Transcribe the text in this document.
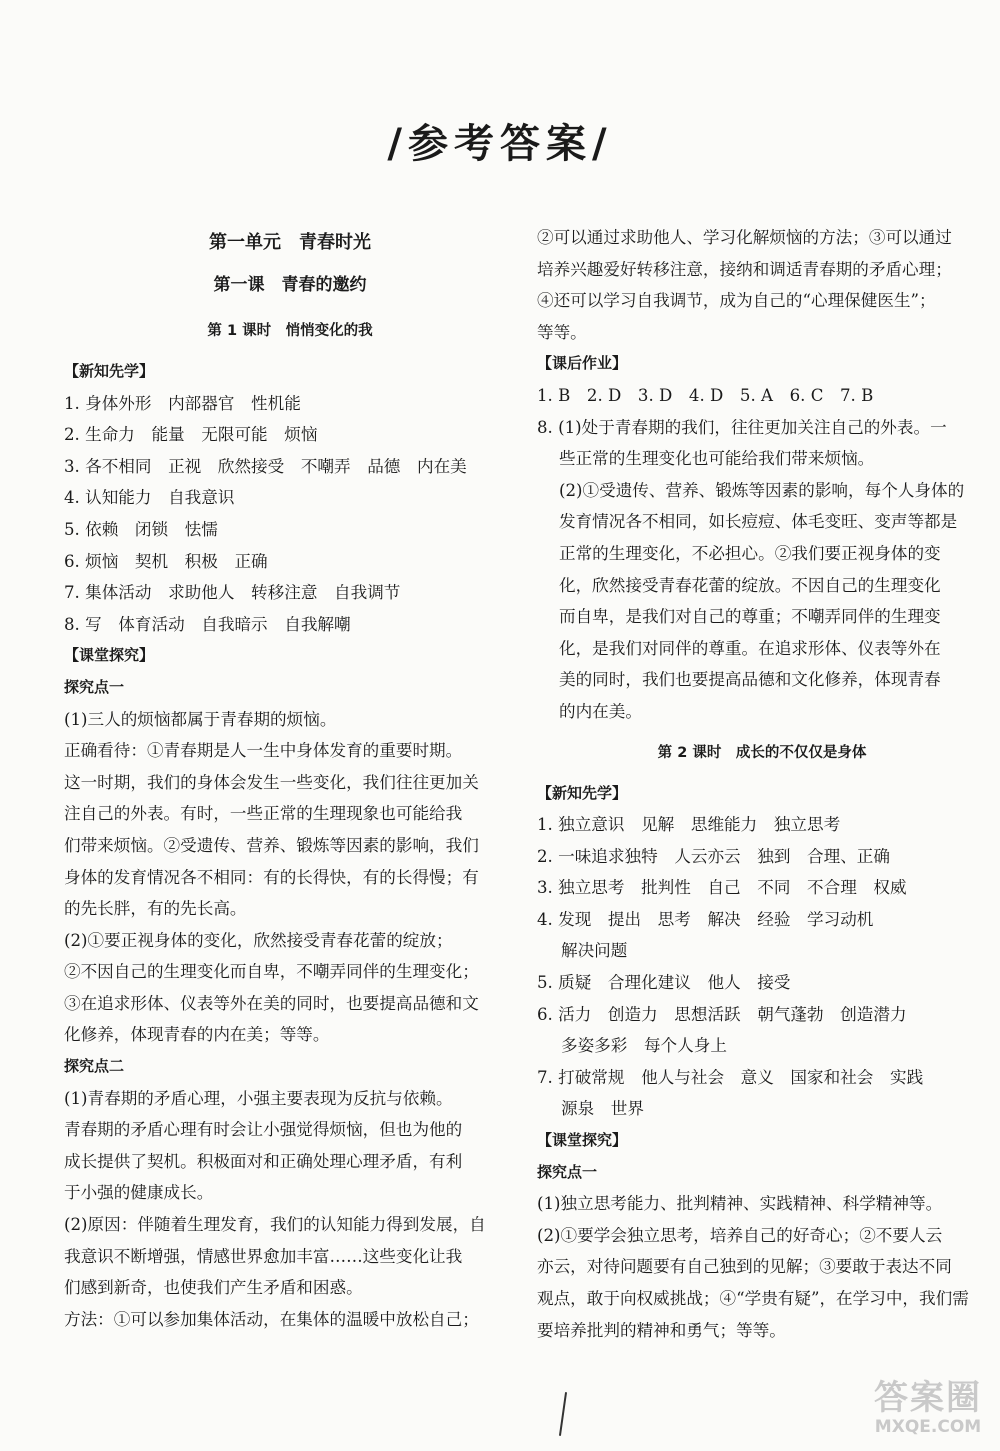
/参考答案/
第一单元　青春时光
第一课　青春的邀约
第 1 课时　悄悄变化的我
【新知先学】
1. 身体外形　内部器官　性机能
2. 生命力　能量　无限可能　烦恼
3. 各不相同　正视　欣然接受　不嘲弄　品德　内在美
4. 认知能力　自我意识
5. 依赖　闭锁　怯懦
6. 烦恼　契机　积极　正确
7. 集体活动　求助他人　转移注意　自我调节
8. 写　体育活动　自我暗示　自我解嘲
【课堂探究】
探究点一
(1)三人的烦恼都属于青春期的烦恼。
正确看待：①青春期是人一生中身体发育的重要时期。
这一时期，我们的身体会发生一些变化，我们往往更加关
注自己的外表。有时，一些正常的生理现象也可能给我
们带来烦恼。②受遗传、营养、锻炼等因素的影响，我们
身体的发育情况各不相同：有的长得快，有的长得慢；有
的先长胖，有的先长高。
(2)①要正视身体的变化，欣然接受青春花蕾的绽放；
②不因自己的生理变化而自卑，不嘲弄同伴的生理变化；
③在追求形体、仪表等外在美的同时，也要提高品德和文
化修养，体现青春的内在美；等等。
探究点二
(1)青春期的矛盾心理，小强主要表现为反抗与依赖。
青春期的矛盾心理有时会让小强觉得烦恼，但也为他的
成长提供了契机。积极面对和正确处理心理矛盾，有利
于小强的健康成长。
(2)原因：伴随着生理发育，我们的认知能力得到发展，自
我意识不断增强，情感世界愈加丰富……这些变化让我
们感到新奇，也使我们产生矛盾和困惑。
方法：①可以参加集体活动，在集体的温暖中放松自己；
②可以通过求助他人、学习化解烦恼的方法；③可以通过
培养兴趣爱好转移注意，接纳和调适青春期的矛盾心理；
④还可以学习自我调节，成为自己的“心理保健医生”；
等等。
【课后作业】
1. B　2. D　3. D　4. D　5. A　6. C　7. B
8. (1)处于青春期的我们，往往更加关注自己的外表。一
些正常的生理变化也可能给我们带来烦恼。
(2)①受遗传、营养、锻炼等因素的影响，每个人身体的
发育情况各不相同，如长痘痘、体毛变旺、变声等都是
正常的生理变化，不必担心。②我们要正视身体的变
化，欣然接受青春花蕾的绽放。不因自己的生理变化
而自卑，是我们对自己的尊重；不嘲弄同伴的生理变
化，是我们对同伴的尊重。在追求形体、仪表等外在
美的同时，我们也要提高品德和文化修养，体现青春
的内在美。
第 2 课时　成长的不仅仅是身体
【新知先学】
1. 独立意识　见解　思维能力　独立思考
2. 一味追求独特　人云亦云　独到　合理、正确
3. 独立思考　批判性　自己　不同　不合理　权威
4. 发现　提出　思考　解决　经验　学习动机
解决问题
5. 质疑　合理化建议　他人　接受
6. 活力　创造力　思想活跃　朝气蓬勃　创造潜力
多姿多彩　每个人身上
7. 打破常规　他人与社会　意义　国家和社会　实践
源泉　世界
【课堂探究】
探究点一
(1)独立思考能力、批判精神、实践精神、科学精神等。
(2)①要学会独立思考，培养自己的好奇心；②不要人云
亦云，对待问题要有自己独到的见解；③要敢于表达不同
观点，敢于向权威挑战；④“学贵有疑”，在学习中，我们需
要培养批判的精神和勇气；等等。
答案圈
MXQE.COM
